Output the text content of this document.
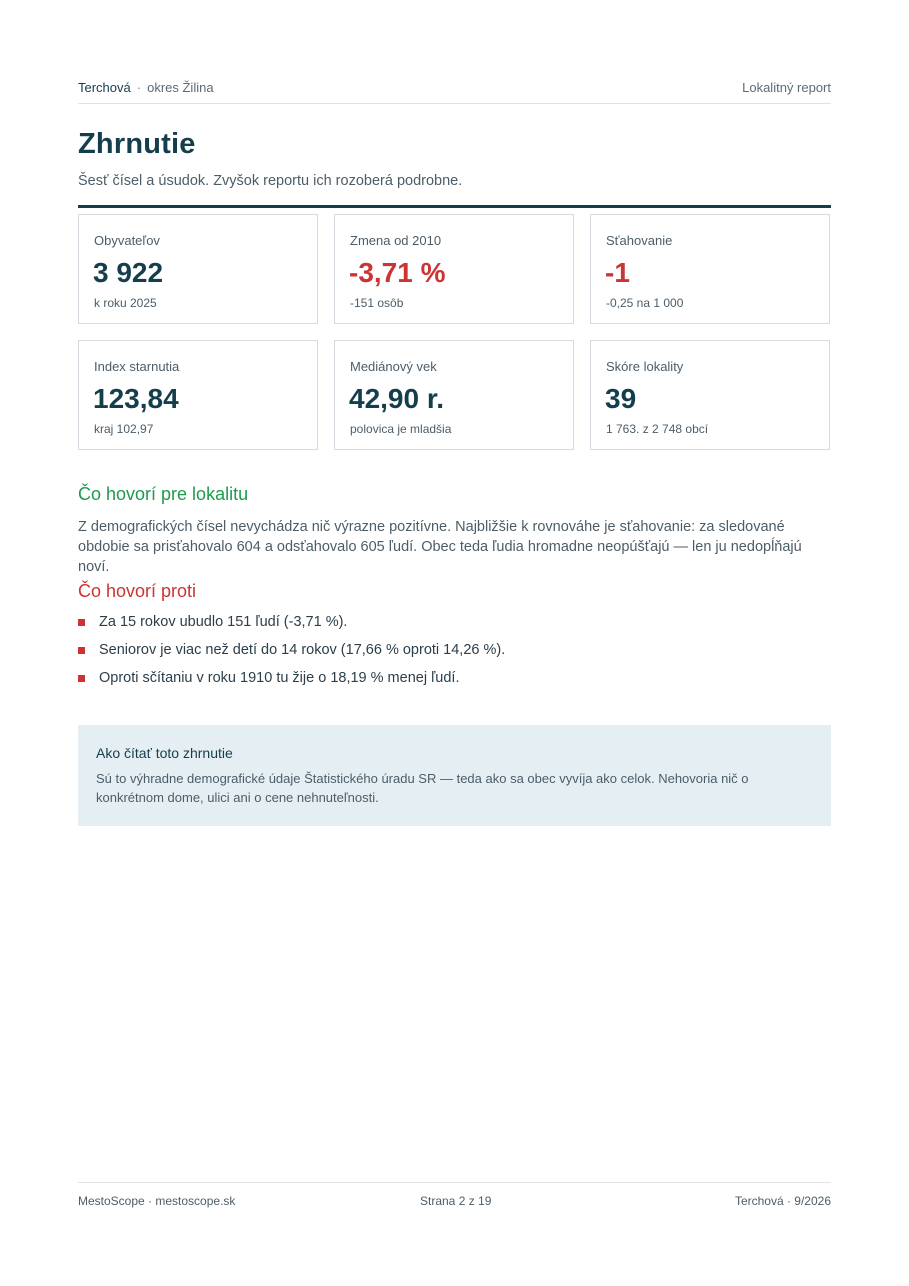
Terchová · okres Žilina	Lokalitný report
Zhrnutie
Šesť čísel a úsudok. Zvyšok reportu ich rozoberá podrobne.
Obyvateľov
3 922
k roku 2025
Zmena od 2010
-3,71 %
-151 osôb
Sťahovanie
-1
-0,25 na 1 000
Index starnutia
123,84
kraj 102,97
Mediánový vek
42,90 r.
polovica je mladšia
Skóre lokality
39
1 763. z 2 748 obcí
Čo hovorí pre lokalitu

Z demografických čísel nevychádza nič výrazne pozitívne. Najbližšie k rovnováhe je sťahovanie: za sledované obdobie sa prisťahovalo 604 a odsťahovalo 605 ľudí. Obec teda ľudia hromadne neopúšťajú — len ju nedopĺňajú noví.

Čo hovorí proti
Za 15 rokov ubudlo 151 ľudí (-3,71 %).
Seniorov je viac než detí do 14 rokov (17,66 % oproti 14,26 %).
Oproti sčítaniu v roku 1910 tu žije o 18,19 % menej ľudí.
Ako čítať toto zhrnutie

Sú to výhradne demografické údaje Štatistického úradu SR — teda ako sa obec vyvíja ako celok. Nehovoria nič o konkrétnom dome, ulici ani o cene nehnuteľnosti.

MestoScope · mestoscope.sk	Strana 2 z 19	Terchová · 9/2026
